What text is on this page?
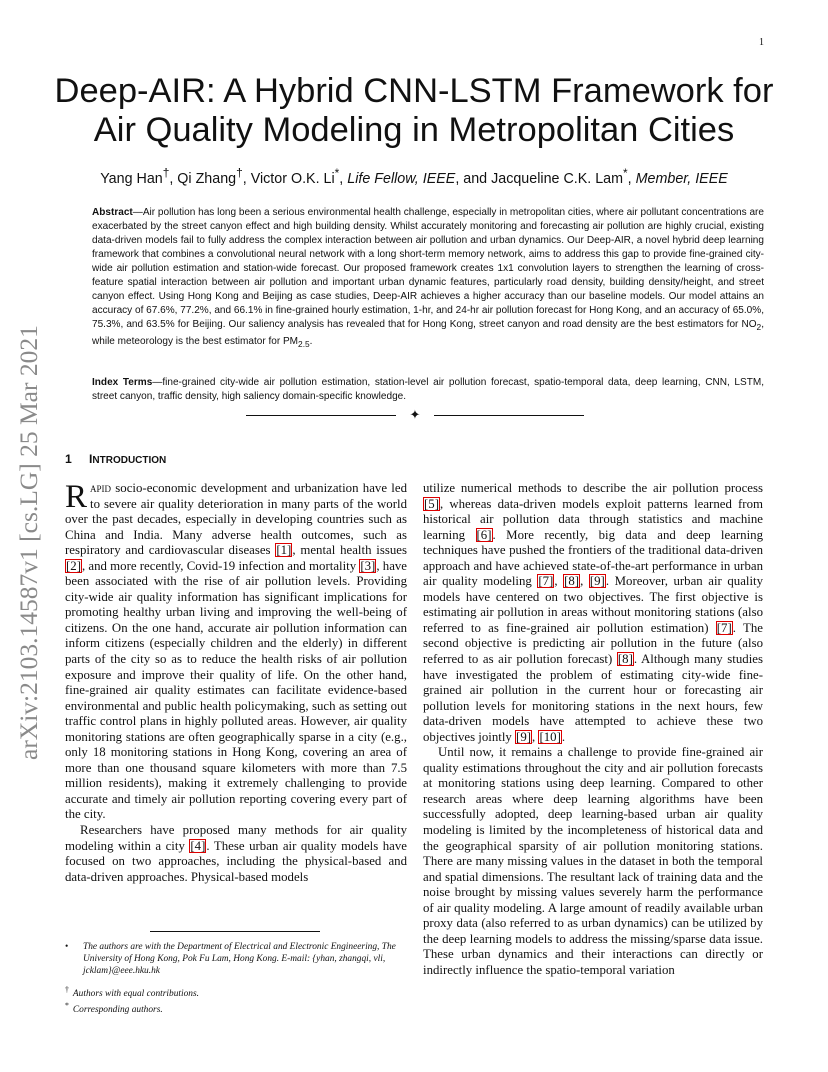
1
arXiv:2103.14587v1 [cs.LG] 25 Mar 2021
Deep-AIR: A Hybrid CNN-LSTM Framework for
Air Quality Modeling in Metropolitan Cities
Yang Han†, Qi Zhang†, Victor O.K. Li*, Life Fellow, IEEE, and Jacqueline C.K. Lam*, Member, IEEE
Abstract—Air pollution has long been a serious environmental health challenge, especially in metropolitan cities, where air pollutant concentrations are exacerbated by the street canyon effect and high building density. Whilst accurately monitoring and forecasting air pollution are highly crucial, existing data-driven models fail to fully address the complex interaction between air pollution and urban dynamics. Our Deep-AIR, a novel hybrid deep learning framework that combines a convolutional neural network with a long short-term memory network, aims to address this gap to provide fine-grained city-wide air pollution estimation and station-wide forecast. Our proposed framework creates 1x1 convolution layers to strengthen the learning of cross-feature spatial interaction between air pollution and important urban dynamic features, particularly road density, building density/height, and street canyon effect. Using Hong Kong and Beijing as case studies, Deep-AIR achieves a higher accuracy than our baseline models. Our model attains an accuracy of 67.6%, 77.2%, and 66.1% in fine-grained hourly estimation, 1-hr, and 24-hr air pollution forecast for Hong Kong, and an accuracy of 65.0%, 75.3%, and 63.5% for Beijing. Our saliency analysis has revealed that for Hong Kong, street canyon and road density are the best estimators for $NO_2$, while meteorology is the best estimator for $PM_{2.5}$.
Index Terms—fine-grained city-wide air pollution estimation, station-level air pollution forecast, spatio-temporal data, deep learning, CNN, LSTM, street canyon, traffic density, high saliency domain-specific knowledge.
✦
1 INTRODUCTION

Rapid socio-economic development and urbanization have led to severe air quality deterioration in many parts of the world over the past decades, especially in developing countries such as China and India. Many adverse health outcomes, such as respiratory and cardiovascular diseases [1], mental health issues [2], and more recently, Covid-19 infection and mortality [3], have been associated with the rise of air pollution levels. Providing city-wide air quality information has significant implications for promoting healthy urban living and improving the well-being of citizens. On the one hand, accurate air pollution information can inform citizens (especially children and the elderly) in different parts of the city so as to reduce the health risks of air pollution exposure and improve their quality of life. On the other hand, fine-grained air quality estimates can facilitate evidence-based environmental and public health policymaking, such as setting out traffic control plans in highly polluted areas. However, air quality monitoring stations are often geographically sparse in a city (e.g., only 18 monitoring stations in Hong Kong, covering an area of more than one thousand square kilometers with more than 7.5 million residents), making it extremely challenging to provide accurate and timely air pollution reporting covering every part of the city.

Researchers have proposed many methods for air quality modeling within a city [4]. These urban air quality models have focused on two approaches, including the physical-based and data-driven approaches. Physical-based models

utilize numerical methods to describe the air pollution process [5], whereas data-driven models exploit patterns learned from historical air pollution data through statistics and machine learning [6]. More recently, big data and deep learning techniques have pushed the frontiers of the traditional data-driven approach and have achieved state-of-the-art performance in urban air quality modeling [7], [8], [9]. Moreover, urban air quality models have centered on two objectives. The first objective is estimating air pollution in areas without monitoring stations (also referred to as fine-grained air pollution estimation) [7]. The second objective is predicting air pollution in the future (also referred to as air pollution forecast) [8]. Although many studies have investigated the problem of estimating city-wide fine-grained air pollution in the current hour or forecasting air pollution levels for monitoring stations in the next hours, few data-driven models have attempted to achieve these two objectives jointly [9], [10].

Until now, it remains a challenge to provide fine-grained air quality estimations throughout the city and air pollution forecasts at monitoring stations using deep learning. Compared to other research areas where deep learning algorithms have been successfully adopted, deep learning-based urban air quality modeling is limited by the incompleteness of historical data and the geographical sparsity of air pollution monitoring stations. There are many missing values in the dataset in both the temporal and spatial dimensions. The resultant lack of training data and the noise brought by missing values severely harm the performance of air quality modeling. A large amount of readily available urban proxy data (also referred to as urban dynamics) can be utilized by the deep learning models to address the missing/sparse data issue. These urban dynamics and their interactions can directly or indirectly influence the spatio-temporal variation

• The authors are with the Department of Electrical and Electronic Engineering, The University of Hong Kong, Pok Fu Lam, Hong Kong. E-mail: {yhan, zhangqi, vli, jcklam}@eee.hku.hk
† Authors with equal contributions.
* Corresponding authors.
